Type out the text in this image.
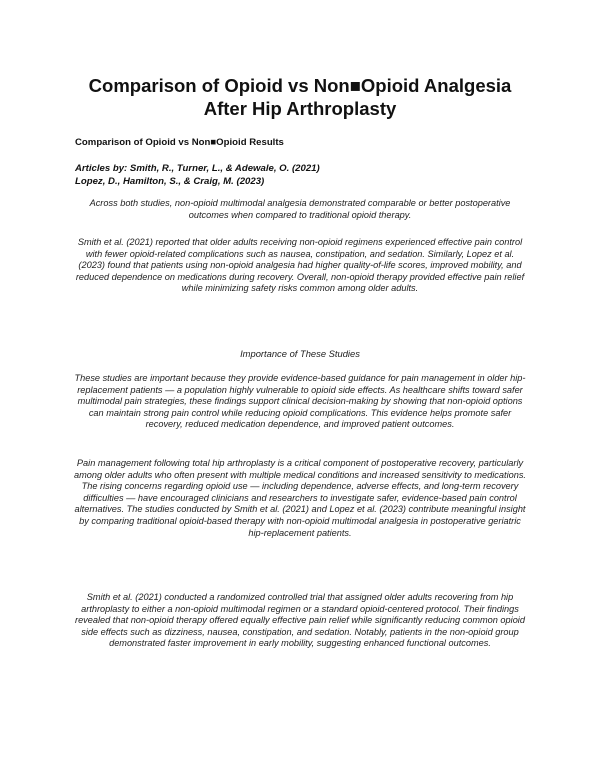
Comparison of Opioid vs Non■Opioid Analgesia
After Hip Arthroplasty
Comparison of Opioid vs Non■Opioid Results
Articles by: Smith, R., Turner, L., & Adewale, O. (2021)
Lopez, D., Hamilton, S., & Craig, M. (2023)

Across both studies, non-opioid multimodal analgesia demonstrated comparable or better postoperative outcomes when compared to traditional opioid therapy.

Smith et al. (2021) reported that older adults receiving non-opioid regimens experienced effective pain control with fewer opioid-related complications such as nausea, constipation, and sedation. Similarly, Lopez et al. (2023) found that patients using non-opioid analgesia had higher quality-of-life scores, improved mobility, and reduced dependence on medications during recovery. Overall, non-opioid therapy provided effective pain relief while minimizing safety risks common among older adults.

Importance of These Studies

These studies are important because they provide evidence-based guidance for pain management in older hip-replacement patients — a population highly vulnerable to opioid side effects. As healthcare shifts toward safer multimodal pain strategies, these findings support clinical decision-making by showing that non-opioid options can maintain strong pain control while reducing opioid complications. This evidence helps promote safer recovery, reduced medication dependence, and improved patient outcomes.

Pain management following total hip arthroplasty is a critical component of postoperative recovery, particularly among older adults who often present with multiple medical conditions and increased sensitivity to medications. The rising concerns regarding opioid use — including dependence, adverse effects, and long-term recovery difficulties — have encouraged clinicians and researchers to investigate safer, evidence-based pain control alternatives. The studies conducted by Smith et al. (2021) and Lopez et al. (2023) contribute meaningful insight by comparing traditional opioid-based therapy with non-opioid multimodal analgesia in postoperative geriatric hip-replacement patients.

Smith et al. (2021) conducted a randomized controlled trial that assigned older adults recovering from hip arthroplasty to either a non-opioid multimodal regimen or a standard opioid-centered protocol. Their findings revealed that non-opioid therapy offered equally effective pain relief while significantly reducing common opioid side effects such as dizziness, nausea, constipation, and sedation. Notably, patients in the non-opioid group demonstrated faster improvement in early mobility, suggesting enhanced functional outcomes.
